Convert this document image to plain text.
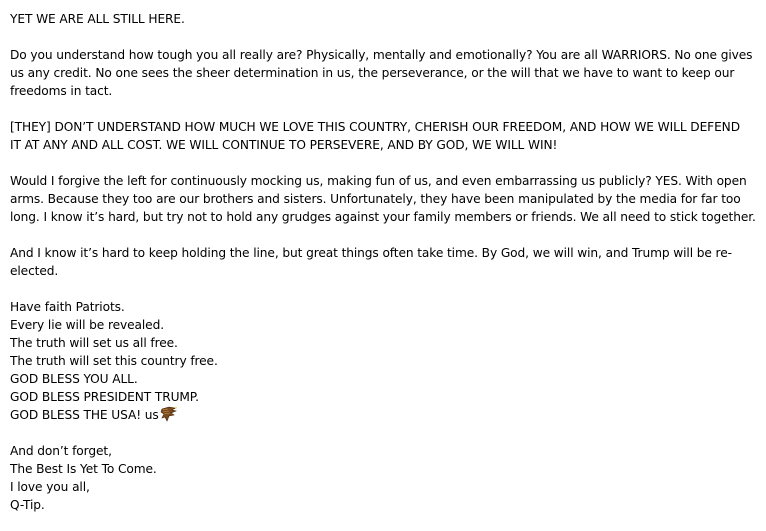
YET WE ARE ALL STILL HERE.
Do you understand how tough you all really are? Physically, mentally and emotionally? You are all WARRIORS. No one gives
us any credit. No one sees the sheer determination in us, the perseverance, or the will that we have to want to keep our
freedoms in tact.
[THEY] DON’T UNDERSTAND HOW MUCH WE LOVE THIS COUNTRY, CHERISH OUR FREEDOM, AND HOW WE WILL DEFEND
IT AT ANY AND ALL COST. WE WILL CONTINUE TO PERSEVERE, AND BY GOD, WE WILL WIN!
Would I forgive the left for continuously mocking us, making fun of us, and even embarrassing us publicly? YES. With open
arms. Because they too are our brothers and sisters. Unfortunately, they have been manipulated by the media for far too
long. I know it’s hard, but try not to hold any grudges against your family members or friends. We all need to stick together.
And I know it’s hard to keep holding the line, but great things often take time. By God, we will win, and Trump will be re-
elected.
Have faith Patriots.
Every lie will be revealed.
The truth will set us all free.
The truth will set this country free.
GOD BLESS YOU ALL.
GOD BLESS PRESIDENT TRUMP.
GOD BLESS THE USA! us
And don’t forget,
The Best Is Yet To Come.
I love you all,
Q-Tip.
